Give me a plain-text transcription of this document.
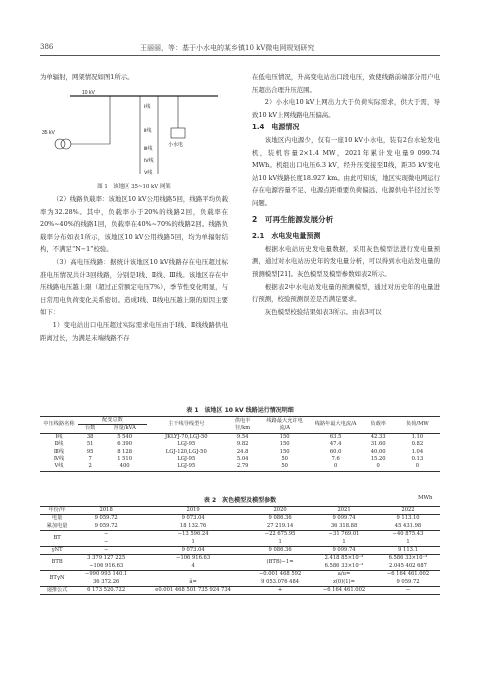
386	王丽丽，等：基于小水电的某乡镇10 kV微电网规划研究

为单辐射，网架情况如图1所示。

10 kV
35 kV
小水电
Ⅰ线
Ⅱ线
Ⅲ线
Ⅳ线
Ⅴ线
图 1　该地区 35~10 kV 网架

（2）线路负载率：该地区10 kV公用线路5回，线路平均负载率为32.28%。其中，负载率小于20%的线路2回，负载率在20%~40%的线路1回，负载率在40%~70%的线路2回。线路负载率分布如表1所示，该地区10 kV公用线路5回，均为单辐射结构，不满足“N−1”校验。

（3）高电压线路：据统计该地区10 kV线路存在电压超过标准电压情况共计3回线路，分别是Ⅰ线、Ⅱ线、Ⅲ线。该地区存在中压线路电压越上限（超过正常额定电压7%），季节性变化明显，与日常用电负荷变化关系密切。造成Ⅰ线、Ⅱ线电压越上限的原因主要如下：

1）变电站出口电压超过实际需求电压由于Ⅰ线、Ⅱ线线路供电距离过长，为满足末端线路不存

在低电压情况，升高变电站出口段电压，致使线路前端部分用户电压超出合理升压范围。

2）小水电10 kV上网出力大于负荷实际需求，供大于需，导致10 kV上网线路电压偏高。

1.4　电源情况

该地区内电源少，仅有一座10 kV小水电，装有2台水轮发电机，装机容量2×1.4 MW，2021年累计发电量9 099.74 MWh。机组出口电压6.3 kV，经升压变接至Ⅱ线，距35 kV变电站10 kV线路长度18.927 km。由此可知该，地区实现微电网运行存在电源容量不足、电源点距重要负荷偏远、电源供电半径过长等问题。

2　可再生能源发展分析

2.1　水电发电量预测

根据水电站历史发电量数据，采用灰色模型法进行发电量预测，通过对水电站历史年的发电量分析，可以得到水电站发电量的预测模型[21]。灰色模型及模型参数如表2所示。

根据表2中水电站发电量的预测模型，通过对历史年的电量进行预测，校验预测误差是否满足要求。

灰色模型校验结果如表3所示。由表3可以

表 1　该地区 10 kV 线路运行情况明细
中压线路名称	配变总数		主干线导线型号	供电半径/km	线路最大允许电流/A	线路年最大电流/A	负载率	负荷/MW
	台数	容量/kVA						
Ⅰ线	38	5 540	JKLYJ-70,LGJ-50	9.54	150	63.5	42.33	1.10
Ⅱ线	51	6 390	LGJ-95	9.82	150	47.4	31.60	0.82
Ⅲ线	95	8 128	LGJ-120,LGJ-50	24.8	150	60.0	40.00	1.04
Ⅳ线	7	1 510	LGJ-95	5.04	50	7.6	15.20	0.13
Ⅴ线	2	400	LGJ-95	2.79	50	0	0	0
表 2　灰色模型及模型参数	MWh
年份/年	2018	2019	2020	2021	2022
电量	9 059.72	9 073.04	9 086.36	9 099.74	9 113.10
累加电量	9 059.72	18 132.76	27 219.14	36 318.88	45 431.98
BT	−	−13 596.24	−22 675.95	−31 769.01	−40 875.43
	−	1	1	1	1
γNT	−	9 073.04	9 086.36	9 099.74	9 113.1
BTB	3 379 127 225	−106 916.63	(BTB)−1=	2.418 85×10⁻³	6.586 33×10⁻³
	−106 916.63	4		6.586 33×10⁻³	2.045 402 687
BTγN	−990 993 140.1		−0.001 468 592	a/u=	−6 164 461.002
	36 372.26	â=	9 053.076 484	z(0)(1)=	9 059.72
递推公式	6 173 520.722	e0.001 468 501 735 924 734	+	−6 164 461.002	−
